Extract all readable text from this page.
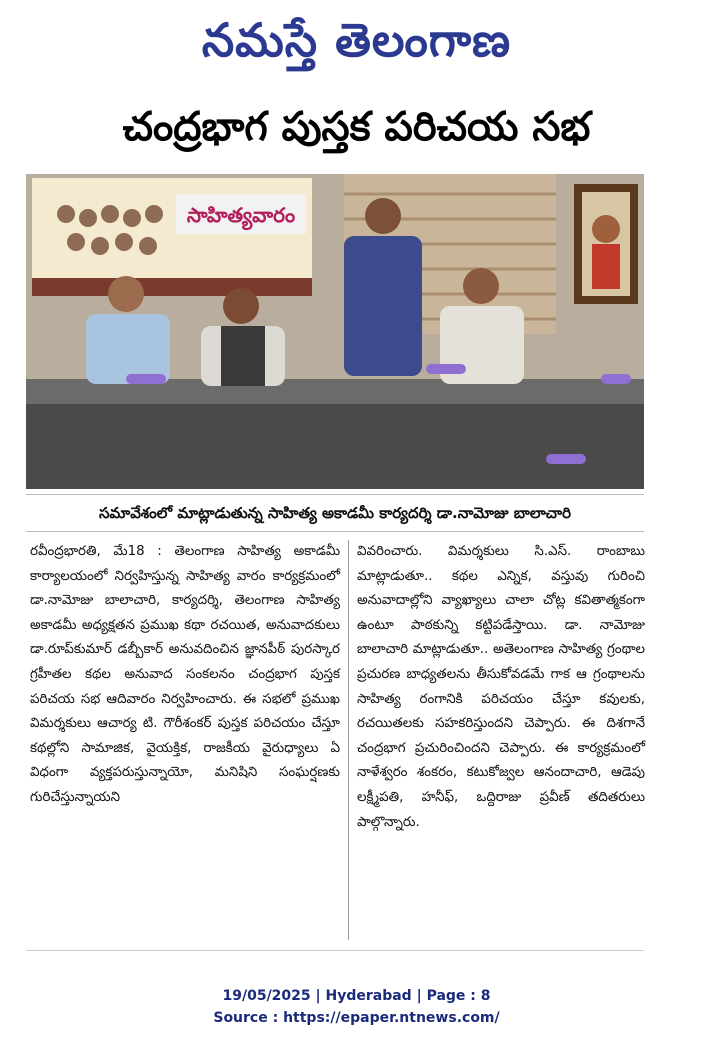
నమస్తే తెలంగాణ
చంద్రభాగ పుస్తక పరిచయ సభ
సాహిత్యవారం
సమావేశంలో మాట్లాడుతున్న సాహిత్య అకాడమీ కార్యదర్శి డా.నామోజు బాలాచారి

రవీంద్రభారతి, మే18 : తెలంగాణ సాహిత్య అకాడమీ కార్యాలయంలో నిర్వహిస్తున్న సాహిత్య వారం కార్యక్రమంలో డా.నామోజు బాలాచారి, కార్యదర్శి, తెలంగాణ సాహిత్య అకాడమీ అధ్యక్షతన ప్రముఖ కథా రచయిత, అనువాదకులు డా.రూప్‌కుమార్ డబ్బీకార్ అనువదించిన జ్ఞానపీఠ్ పురస్కార గ్రహీతల కథల అనువాద సంకలనం చంద్రభాగ పుస్తక పరిచయ సభ ఆదివారం నిర్వహించారు. ఈ సభలో ప్రముఖ విమర్శకులు ఆచార్య టి. గౌరీశంకర్ పుస్తక పరిచయం చేస్తూ కథల్లోని సామాజిక, వైయక్తిక, రాజకీయ వైరుధ్యాలు ఏ విధంగా వ్యక్తపరుస్తున్నాయో, మనిషిని సంఘర్షణకు గురిచేస్తున్నాయని

వివరించారు. విమర్శకులు సి.ఎస్. రాంబాబు మాట్లాడుతూ.. కథల ఎన్నిక, వస్తువు గురించి అనువాదాల్లోని వ్యాఖ్యాలు చాలా చోట్ల కవితాత్మకంగా ఉంటూ పాఠకున్ని కట్టిపడేస్తాయి. డా. నామోజు బాలాచారి మాట్లాడుతూ.. అతెలంగాణ సాహిత్య గ్రంథాల ప్రచురణ బాధ్యతలను తీసుకోవడమే గాక ఆ గ్రంథాలను సాహిత్య రంగానికి పరిచయం చేస్తూ కవులకు, రచయితలకు సహకరిస్తుందని చెప్పారు. ఈ దిశగానే చంద్రభాగ ప్రచురించిందని చెప్పారు. ఈ కార్యక్రమంలో నాళేశ్వరం శంకరం, కటుకోజ్వల ఆనందాచారి, ఆడెపు లక్ష్మీపతి, హనీఫ్, ఒద్దిరాజు ప్రవీణ్ తదితరులు పాల్గొన్నారు.

19/05/2025 | Hyderabad | Page : 8
Source : https://epaper.ntnews.com/
